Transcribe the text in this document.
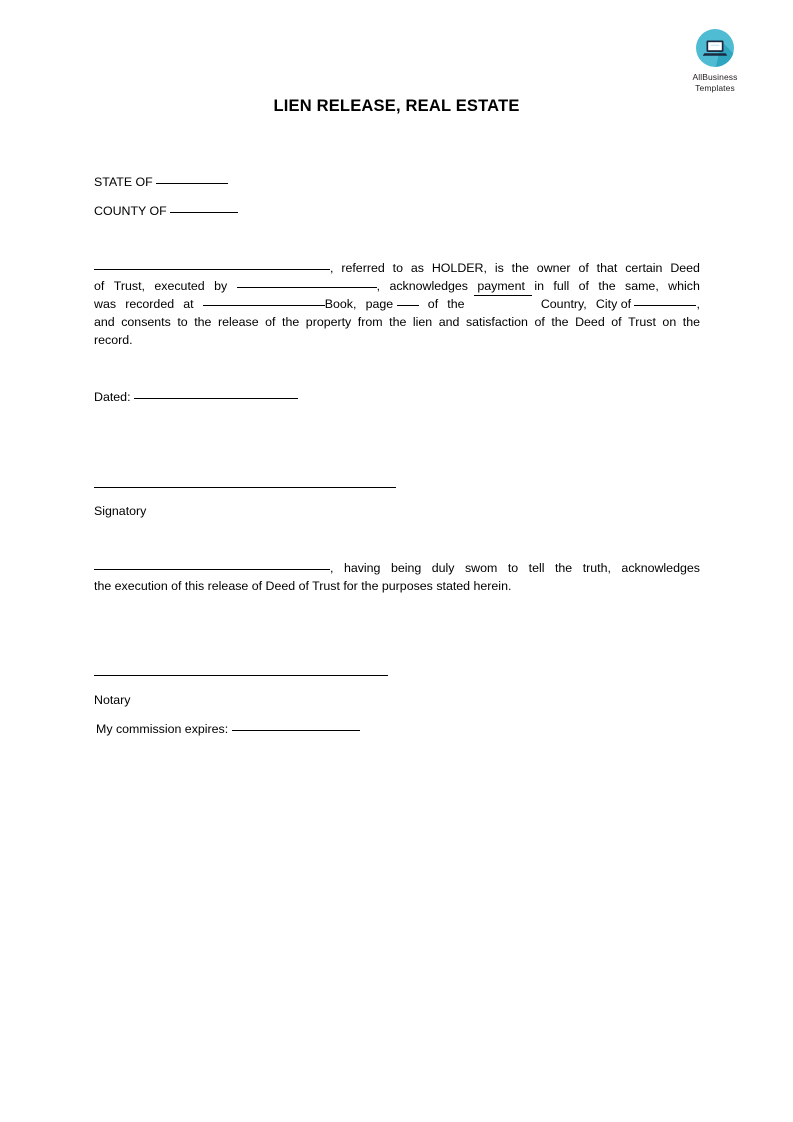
AllBusiness
Templates
LIEN RELEASE, REAL ESTATE
STATE OF
COUNTY OF
, referred to as HOLDER, is the owner of that certain Deed
of Trust, executed by	, acknowledges payment in full of the same, which
was recorded at	Book, page	of the	Country, City of	,
and consents to the release of the property from the lien and satisfaction of the Deed of Trust on the
record.
Dated:
Signatory
, having being duly swom to tell the truth, acknowledges
the execution of this release of Deed of Trust for the purposes stated herein.
Notary
My commission expires:
